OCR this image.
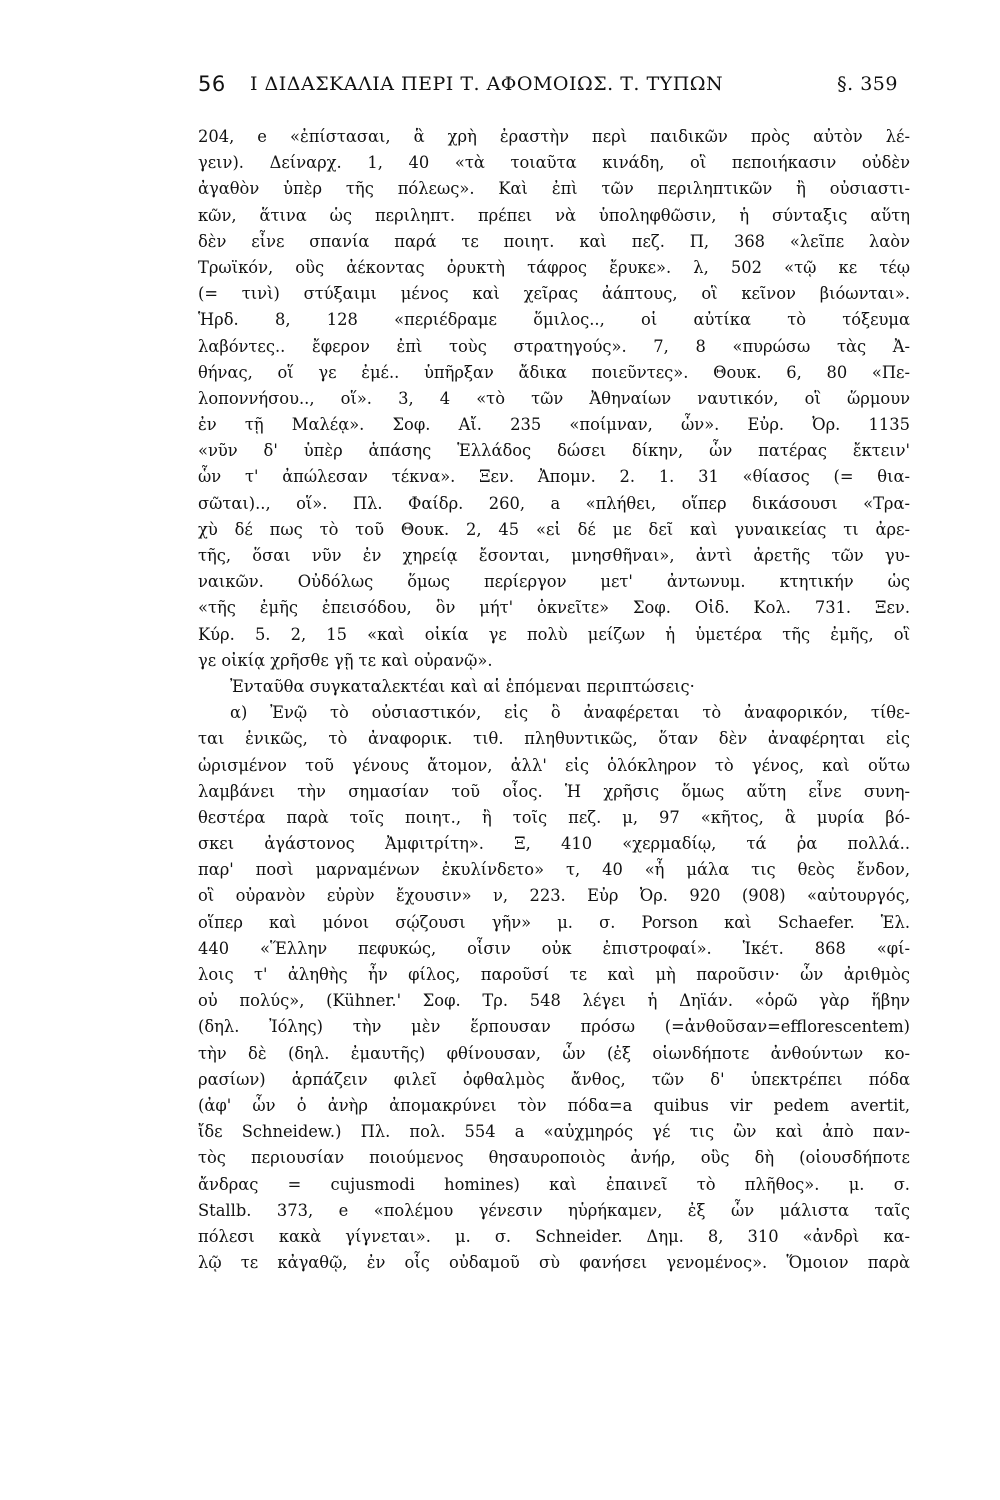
56 Ι ΔΙΔΑΣΚΑΛΙΑ ΠΕΡΙ Τ. ΑΦΟΜΟΙΩΣ. Τ. ΤΥΠΩΝ	§. 359
204, e «ἐπίστασαι, ἃ χρὴ ἐραστὴν περὶ παιδικῶν πρὸς αὐτὸν λέ-
γειν). Δείναρχ. 1, 40 «τὰ τοιαῦτα κινάδη, οἳ πεποιήκασιν οὐδὲν
ἀγαθὸν ὑπὲρ τῆς πόλεως». Καὶ ἐπὶ τῶν περιληπτικῶν ἢ οὐσιαστι-
κῶν, ἅτινα ὡς περιληπτ. πρέπει νὰ ὑποληφθῶσιν, ἡ σύνταξις αὕτη
δὲν εἶνε σπανία παρά τε ποιητ. καὶ πεζ. Π, 368 «λεῖπε λαὸν
Τρωϊκόν, οὓς ἀέκοντας ὀρυκτὴ τάφρος ἔρυκε». λ, 502 «τῷ κε τέῳ
(= τινὶ) στύξαιμι μένος καὶ χεῖρας ἀάπτους, οἳ κεῖνον βιόωνται».
Ἡρδ. 8, 128 «περιέδραμε ὅμιλος.., οἱ αὐτίκα τὸ τόξευμα
λαβόντες.. ἔφερον ἐπὶ τοὺς στρατηγούς». 7, 8 «πυρώσω τὰς Ἀ-
θήνας, οἵ γε ἐμέ.. ὑπῆρξαν ἄδικα ποιεῦντες». Θουκ. 6, 80 «Πε-
λοποννήσου.., οἵ». 3, 4 «τὸ τῶν Ἀθηναίων ναυτικόν, οἳ ὥρμουν
ἐν τῇ Μαλέᾳ». Σοφ. Αἴ. 235 «ποίμναν, ὧν». Εὐρ. Ὀρ. 1135
«νῦν δ' ὑπὲρ ἁπάσης Ἑλλάδος δώσει δίκην, ὧν πατέρας ἔκτειν'
ὧν τ' ἀπώλεσαν τέκνα». Ξεν. Ἀπομν. 2. 1. 31 «θίασος (= θια-
σῶται).., οἵ». Πλ. Φαίδρ. 260, a «πλήθει, οἵπερ δικάσουσι «Τρα-
χὺ δέ πως τὸ τοῦ Θουκ. 2, 45 «εἰ δέ με δεῖ καὶ γυναικείας τι ἀρε-
τῆς, ὅσαι νῦν ἐν χηρείᾳ ἔσονται, μνησθῆναι», ἀντὶ ἀρετῆς τῶν γυ-
ναικῶν. Οὐδόλως ὅμως περίεργον μετ' ἀντωνυμ. κτητικήν ὡς
«τῆς ἐμῆς ἐπεισόδου, ὃν μήτ' ὀκνεῖτε» Σοφ. Οἰδ. Κολ. 731. Ξεν.
Κύρ. 5. 2, 15 «καὶ οἰκία γε πολὺ μείζων ἡ ὑμετέρα τῆς ἐμῆς, οἳ
γε οἰκίᾳ χρῆσθε γῇ τε καὶ οὐρανῷ».
Ἐνταῦθα συγκαταλεκτέαι καὶ αἱ ἑπόμεναι περιπτώσεις·
α) Ἐνῷ τὸ οὐσιαστικόν, εἰς ὃ ἀναφέρεται τὸ ἀναφορικόν, τίθε-
ται ἑνικῶς, τὸ ἀναφορικ. τιθ. πληθυντικῶς, ὅταν δὲν ἀναφέρηται εἰς
ὡρισμένον τοῦ γένους ἄτομον, ἀλλ' εἰς ὁλόκληρον τὸ γένος, καὶ οὕτω
λαμβάνει τὴν σημασίαν τοῦ οἷος. Ἡ χρῆσις ὅμως αὕτη εἶνε συνη-
θεστέρα παρὰ τοῖς ποιητ., ἢ τοῖς πεζ. μ, 97 «κῆτος, ἃ μυρία βό-
σκει ἀγάστονος Ἀμφιτρίτη». Ξ, 410 «χερμαδίῳ, τά ῥα πολλά..
παρ' ποσὶ μαρναμένων ἐκυλίνδετο» τ, 40 «ἦ μάλα τις θεὸς ἔνδον,
οἳ οὐρανὸν εὐρὺν ἔχουσιν» ν, 223. Εὐρ Ὀρ. 920 (908) «αὐτουργός,
οἵπερ καὶ μόνοι σῴζουσι γῆν» μ. σ. Porson καὶ Schaefer. Ἑλ.
440 «Ἕλλην πεφυκώς, οἷσιν οὐκ ἐπιστροφαί». Ἱκέτ. 868 «φί-
λοις τ' ἀληθὴς ἦν φίλος, παροῦσί τε καὶ μὴ παροῦσιν· ὧν ἀριθμὸς
οὐ πολύς», (Kühner.' Σοφ. Τρ. 548 λέγει ἡ Δηϊάν. «ὁρῶ γὰρ ἥβην
(δηλ. Ἰόλης) τὴν μὲν ἕρπουσαν πρόσω (=ἀνθοῦσαν=efflorescentem)
τὴν δὲ (δηλ. ἐμαυτῆς) φθίνουσαν, ὧν (ἐξ οἱωνδήποτε ἀνθούντων κο-
ρασίων) ἁρπάζειν φιλεῖ ὀφθαλμὸς ἄνθος, τῶν δ' ὑπεκτρέπει πόδα
(ἀφ' ὧν ὁ ἀνὴρ ἀπομακρύνει τὸν πόδα=a quibus vir pedem avertit,
ἴδε Schneidew.) Πλ. πολ. 554 a «αὐχμηρός γέ τις ὢν καὶ ἀπὸ παν-
τὸς περιουσίαν ποιούμενος θησαυροποιὸς ἀνήρ, οὓς δὴ (οἱουσδήποτε
ἄνδρας = cujusmodi homines) καὶ ἐπαινεῖ τὸ πλῆθος». μ. σ.
Stallb. 373, e «πολέμου γένεσιν ηὑρήκαμεν, ἐξ ὧν μάλιστα ταῖς
πόλεσι κακὰ γίγνεται». μ. σ. Schneider. Δημ. 8, 310 «ἀνδρὶ κα-
λῷ τε κἀγαθῷ, ἐν οἷς οὐδαμοῦ σὺ φανήσει γενομένος». Ὅμοιον παρὰ
